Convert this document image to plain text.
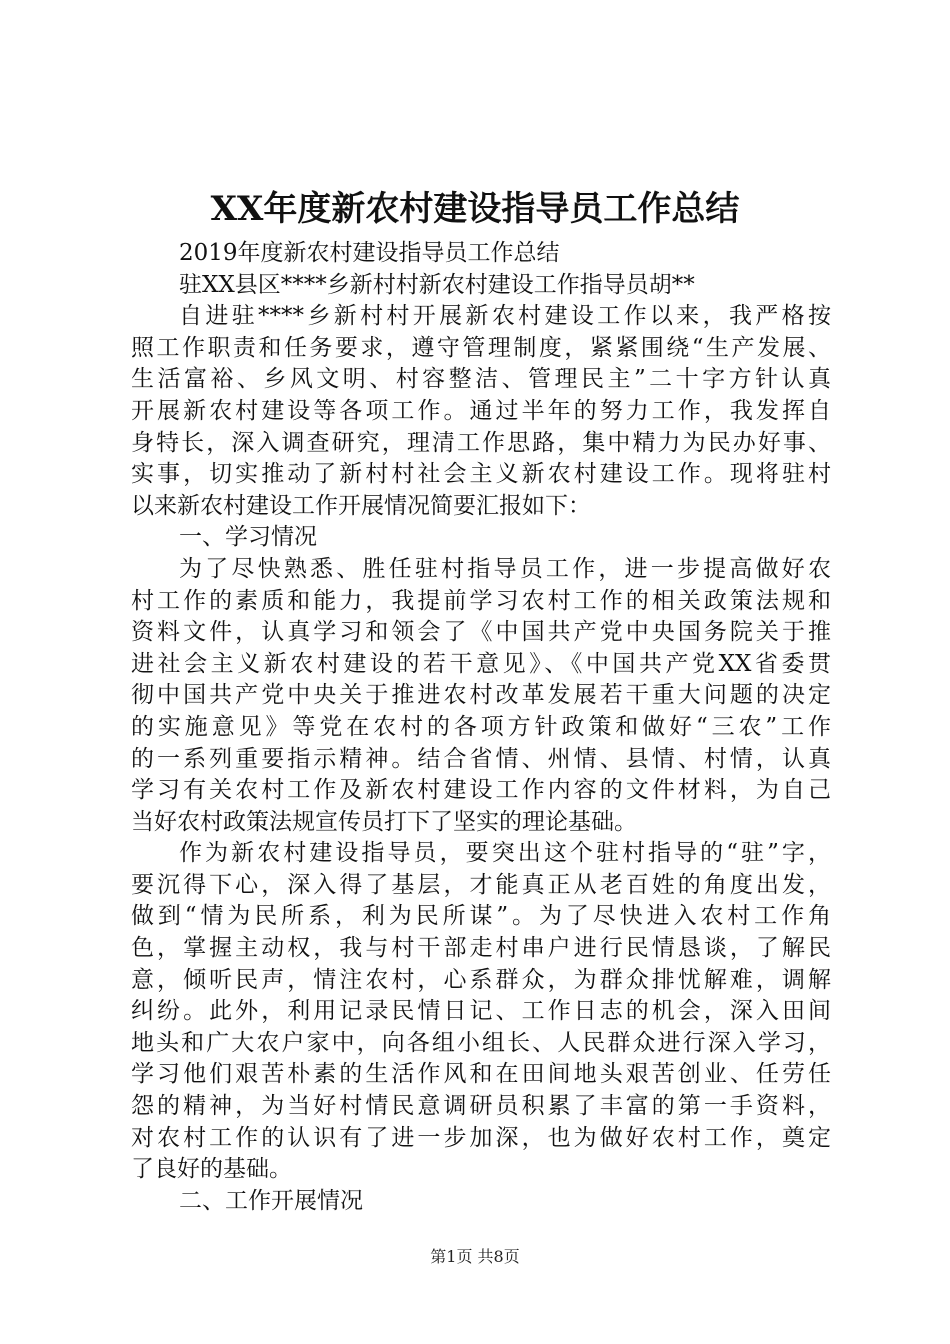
XX年度新农村建设指导员工作总结
2019年度新农村建设指导员工作总结
驻XX县区****乡新村村新农村建设工作指导员胡**
自进驻****乡新村村开展新农村建设工作以来，我严格按
照工作职责和任务要求，遵守管理制度，紧紧围绕“生产发展、
生活富裕、乡风文明、村容整洁、管理民主”二十字方针认真
开展新农村建设等各项工作。通过半年的努力工作，我发挥自
身特长，深入调查研究，理清工作思路，集中精力为民办好事、
实事，切实推动了新村村社会主义新农村建设工作。现将驻村
以来新农村建设工作开展情况简要汇报如下：
一、学习情况
为了尽快熟悉、胜任驻村指导员工作，进一步提高做好农
村工作的素质和能力，我提前学习农村工作的相关政策法规和
资料文件，认真学习和领会了《中国共产党中央国务院关于推
进社会主义新农村建设的若干意见》、《中国共产党XX省委贯
彻中国共产党中央关于推进农村改革发展若干重大问题的决定
的实施意见》等党在农村的各项方针政策和做好“三农”工作
的一系列重要指示精神。结合省情、州情、县情、村情，认真
学习有关农村工作及新农村建设工作内容的文件材料，为自己
当好农村政策法规宣传员打下了坚实的理论基础。
作为新农村建设指导员，要突出这个驻村指导的“驻”字，
要沉得下心，深入得了基层，才能真正从老百姓的角度出发，
做到“情为民所系，利为民所谋”。为了尽快进入农村工作角
色，掌握主动权，我与村干部走村串户进行民情恳谈，了解民
意，倾听民声，情注农村，心系群众，为群众排忧解难，调解
纠纷。此外，利用记录民情日记、工作日志的机会，深入田间
地头和广大农户家中，向各组小组长、人民群众进行深入学习，
学习他们艰苦朴素的生活作风和在田间地头艰苦创业、任劳任
怨的精神，为当好村情民意调研员积累了丰富的第一手资料，
对农村工作的认识有了进一步加深，也为做好农村工作，奠定
了良好的基础。
二、工作开展情况
第1页 共8页
